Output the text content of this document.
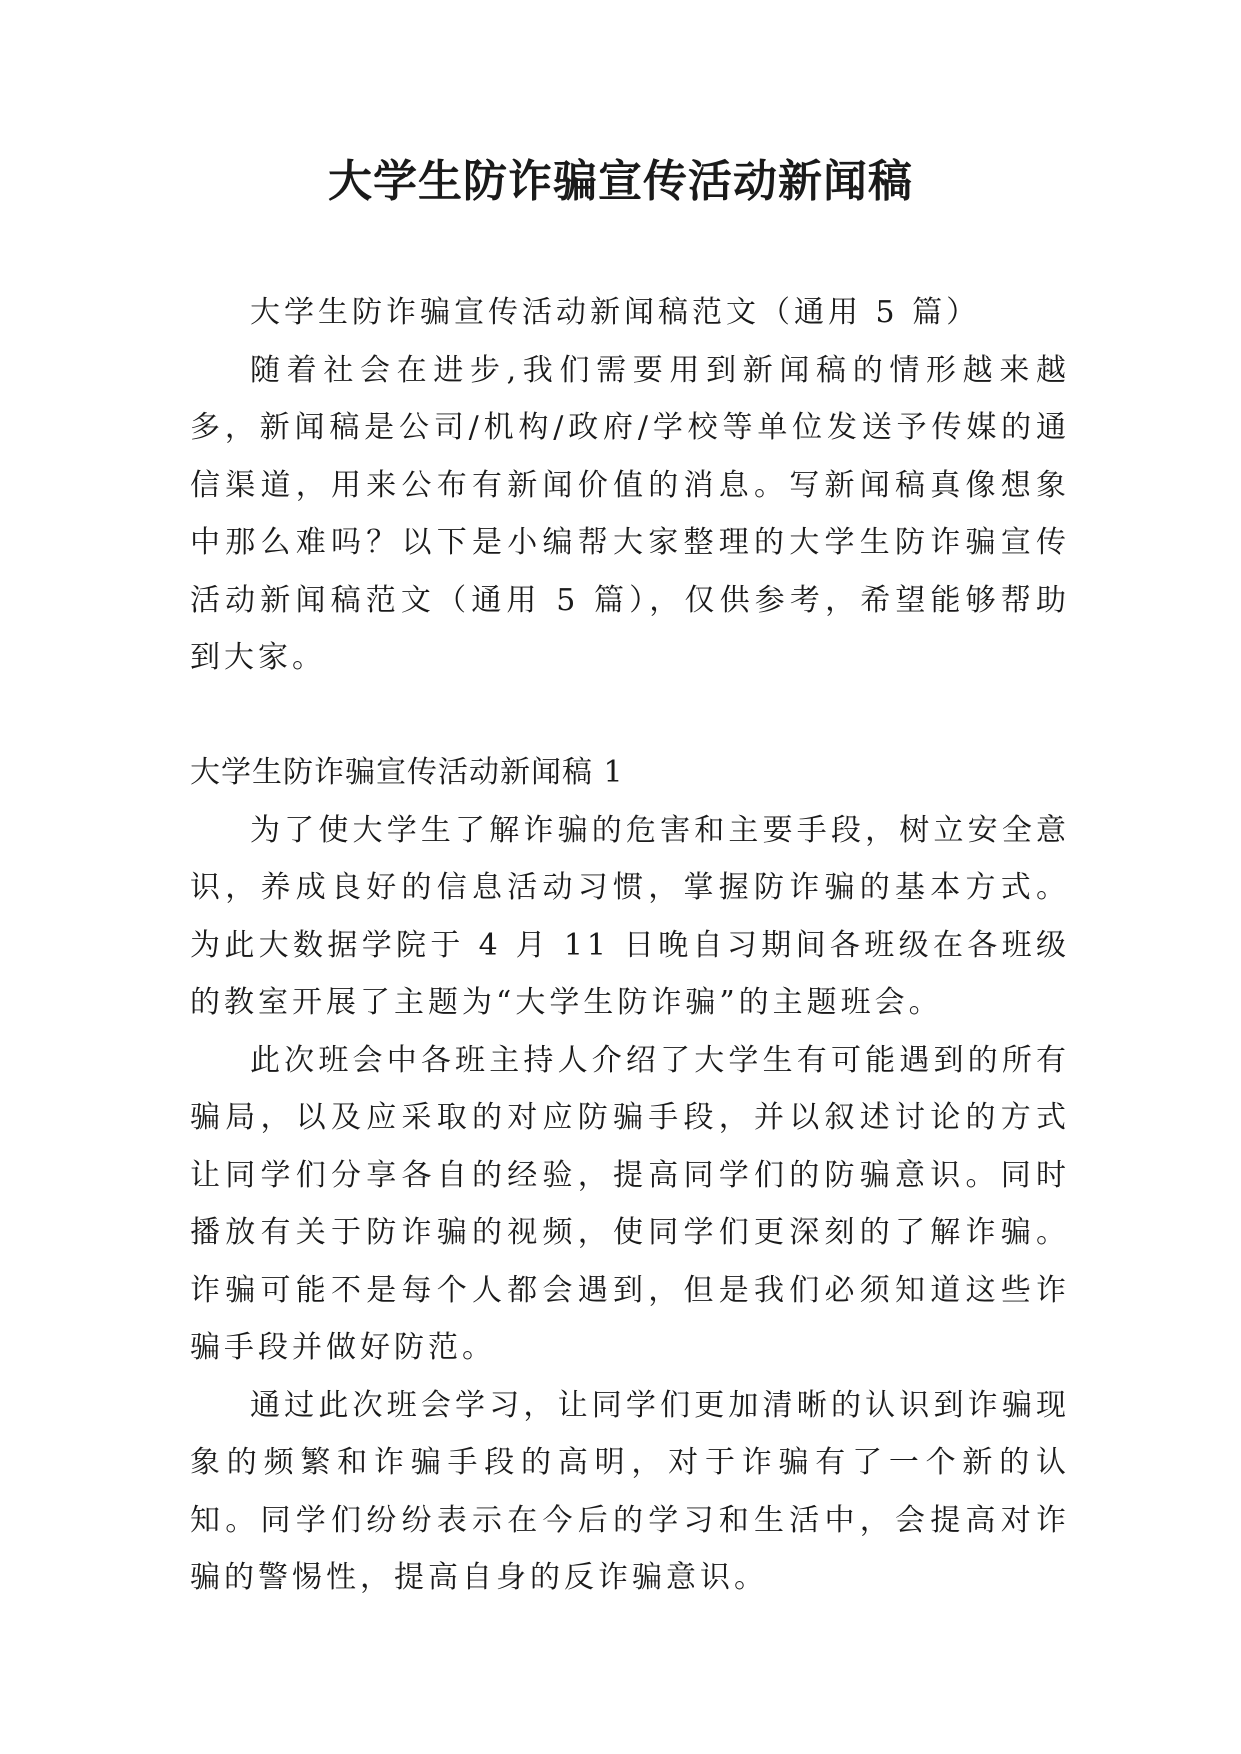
大学生防诈骗宣传活动新闻稿

大学生防诈骗宣传活动新闻稿范文（通用 5 篇）

随着社会在进步,我们需要用到新闻稿的情形越来越多，新闻稿是公司/机构/政府/学校等单位发送予传媒的通信渠道，用来公布有新闻价值的消息。写新闻稿真像想象中那么难吗？以下是小编帮大家整理的大学生防诈骗宣传活动新闻稿范文（通用 5 篇），仅供参考，希望能够帮助到大家。

大学生防诈骗宣传活动新闻稿 1

为了使大学生了解诈骗的危害和主要手段，树立安全意识，养成良好的信息活动习惯，掌握防诈骗的基本方式。为此大数据学院于 4 月 11 日晚自习期间各班级在各班级的教室开展了主题为“大学生防诈骗”的主题班会。

此次班会中各班主持人介绍了大学生有可能遇到的所有骗局，以及应采取的对应防骗手段，并以叙述讨论的方式让同学们分享各自的经验，提高同学们的防骗意识。同时播放有关于防诈骗的视频，使同学们更深刻的了解诈骗。诈骗可能不是每个人都会遇到，但是我们必须知道这些诈骗手段并做好防范。

通过此次班会学习，让同学们更加清晰的认识到诈骗现象的频繁和诈骗手段的高明，对于诈骗有了一个新的认知。同学们纷纷表示在今后的学习和生活中，会提高对诈骗的警惕性，提高自身的反诈骗意识。
